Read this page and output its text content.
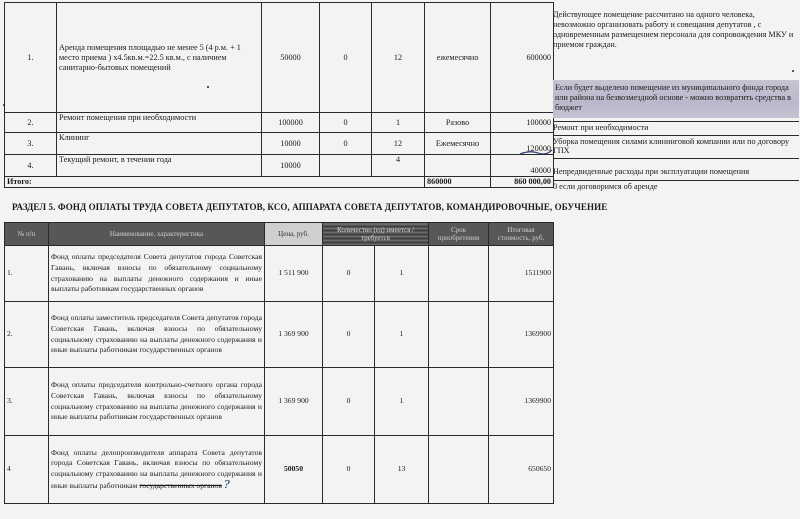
1.	Аренда помещения площадью не менее 5 (4 р.м. + 1 место приема ) х4.5кв.м.=22.5 кв.м., с наличием санитарно-бытовых помещений	50000	0	12	ежемесячно	600000
2.	Ремонт помещения при необходимости	100000	0	1	Разово	100000
3.	Клининг	10000	0	12	Ежемесячно	120000
4.	Текущий ремонт, в течении года	10000		4		40000
Итого:					860000	860 000,00
Действующее помещение рассчитано на одного человека, невозможно организовать работу и совещания депутатов , с одновременным размещением персонала для сопровождения МКУ и приемом граждан.
Если будет выделено помещение из муниципального фонда города или района на безвозмездной основе - можно возвратить средства в бюджет
Ремонт при необходимости
Уборка помещения силами клининговой компании или по договору ГПХ
Непредвиденные расходы при эксплуатации помещения
0 если договоримся об аренде
РАЗДЕЛ 5. ФОНД ОПЛАТЫ ТРУДА СОВЕТА ДЕПУТАТОВ, КСО, АППАРАТА СОВЕТА ДЕПУТАТОВ, КОМАНДИРОВОЧНЫЕ, ОБУЧЕНИЕ
№ п/п	Наименование, характеристика	Цена, руб.	Количество (ед) имеется / требуется		Срок приобретения	Итоговая стоимость, руб.
1.	Фонд оплаты председателя Совета депутатов города Советская Гавань, включая взносы по обязательному социальному страхованию на выплаты денежного содержания и иные выплаты работникам государственных органов	1 511 900	0	1		1511900
2.	Фонд оплаты заместитель председателя Совета депутатов города Советская Гавань, включая взносы по обязательному социальному страхованию на выплаты денежного содержания и иные выплаты работникам государственных органов	1 369 900	0	1		1369900
3.	Фонд оплаты председателя контрольно-счетного органа города Советская Гавань, включая взносы по обязательному социальному страхованию на выплаты денежного содержания и иные выплаты работникам государственных органов	1 369 900	0	1		1369900
4	Фонд оплаты делопроизводителя аппарата Совета депутатов города Советская Гавань, включая взносы по обязательному социальному страхованию на выплаты денежного содержания и иные выплаты работникам государственных органов ?	50050	0	13		650650
